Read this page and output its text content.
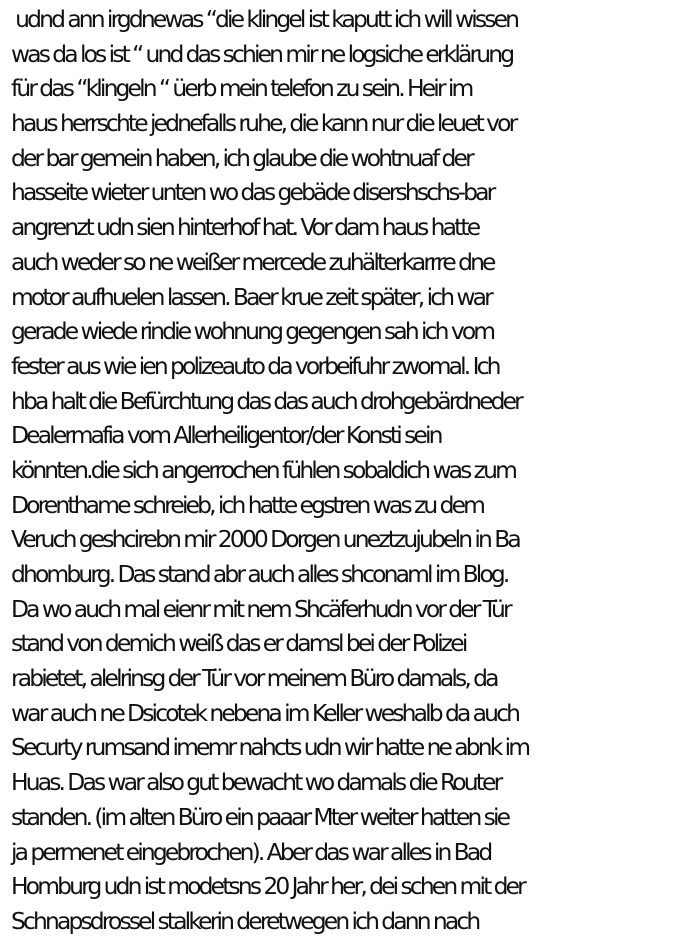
udnd ann irgdnewas “die klingel ist kaputt ich will wissen
was da los ist “ und das schien mir ne logsiche erklärung
für das “klingeln “ üerb mein telefon zu sein. Heir im
haus herrschte jednefalls ruhe, die kann nur die leuet vor
der bar gemein haben, ich glaube die wohtnuaf der
hasseite wieter unten wo das gebäde disershschs-bar
angrenzt udn sien hinterhof hat. Vor dam haus hatte
auch weder so ne weißer mercede zuhälterkarrre dne
motor aufhuelen lassen. Baer krue zeit später, ich war
gerade wiede rindie wohnung gegengen sah ich vom
fester aus wie ien polizeauto da vorbeifuhr zwomal. Ich
hba halt die Befürchtung das das auch drohgebärdneder
Dealermafia vom Allerheiligentor/der Konsti sein
könnten.die sich angerrochen fühlen sobaldich was zum
Dorenthame schreieb, ich hatte egstren was zu dem
Veruch geshcirebn mir 2000 Dorgen uneztzujubeln in Ba
dhomburg. Das stand abr auch alles shconaml im Blog.
Da wo auch mal eienr mit nem Shcäferhudn vor der Tür
stand von demich weiß das er damsl bei der Polizei
rabietet, alelrinsg der Tür vor meinem Büro damals, da
war auch ne Dsicotek nebena im Keller weshalb da auch
Securty rumsand imemr nahcts udn wir hatte ne abnk im
Huas. Das war also gut bewacht wo damals die Router
standen. (im alten Büro ein paaar Mter weiter hatten sie
ja permenet eingebrochen). Aber das war alles in Bad
Homburg udn ist modetsns 20 Jahr her, dei schen mit der
Schnapsdrossel stalkerin deretwegen ich dann nach
